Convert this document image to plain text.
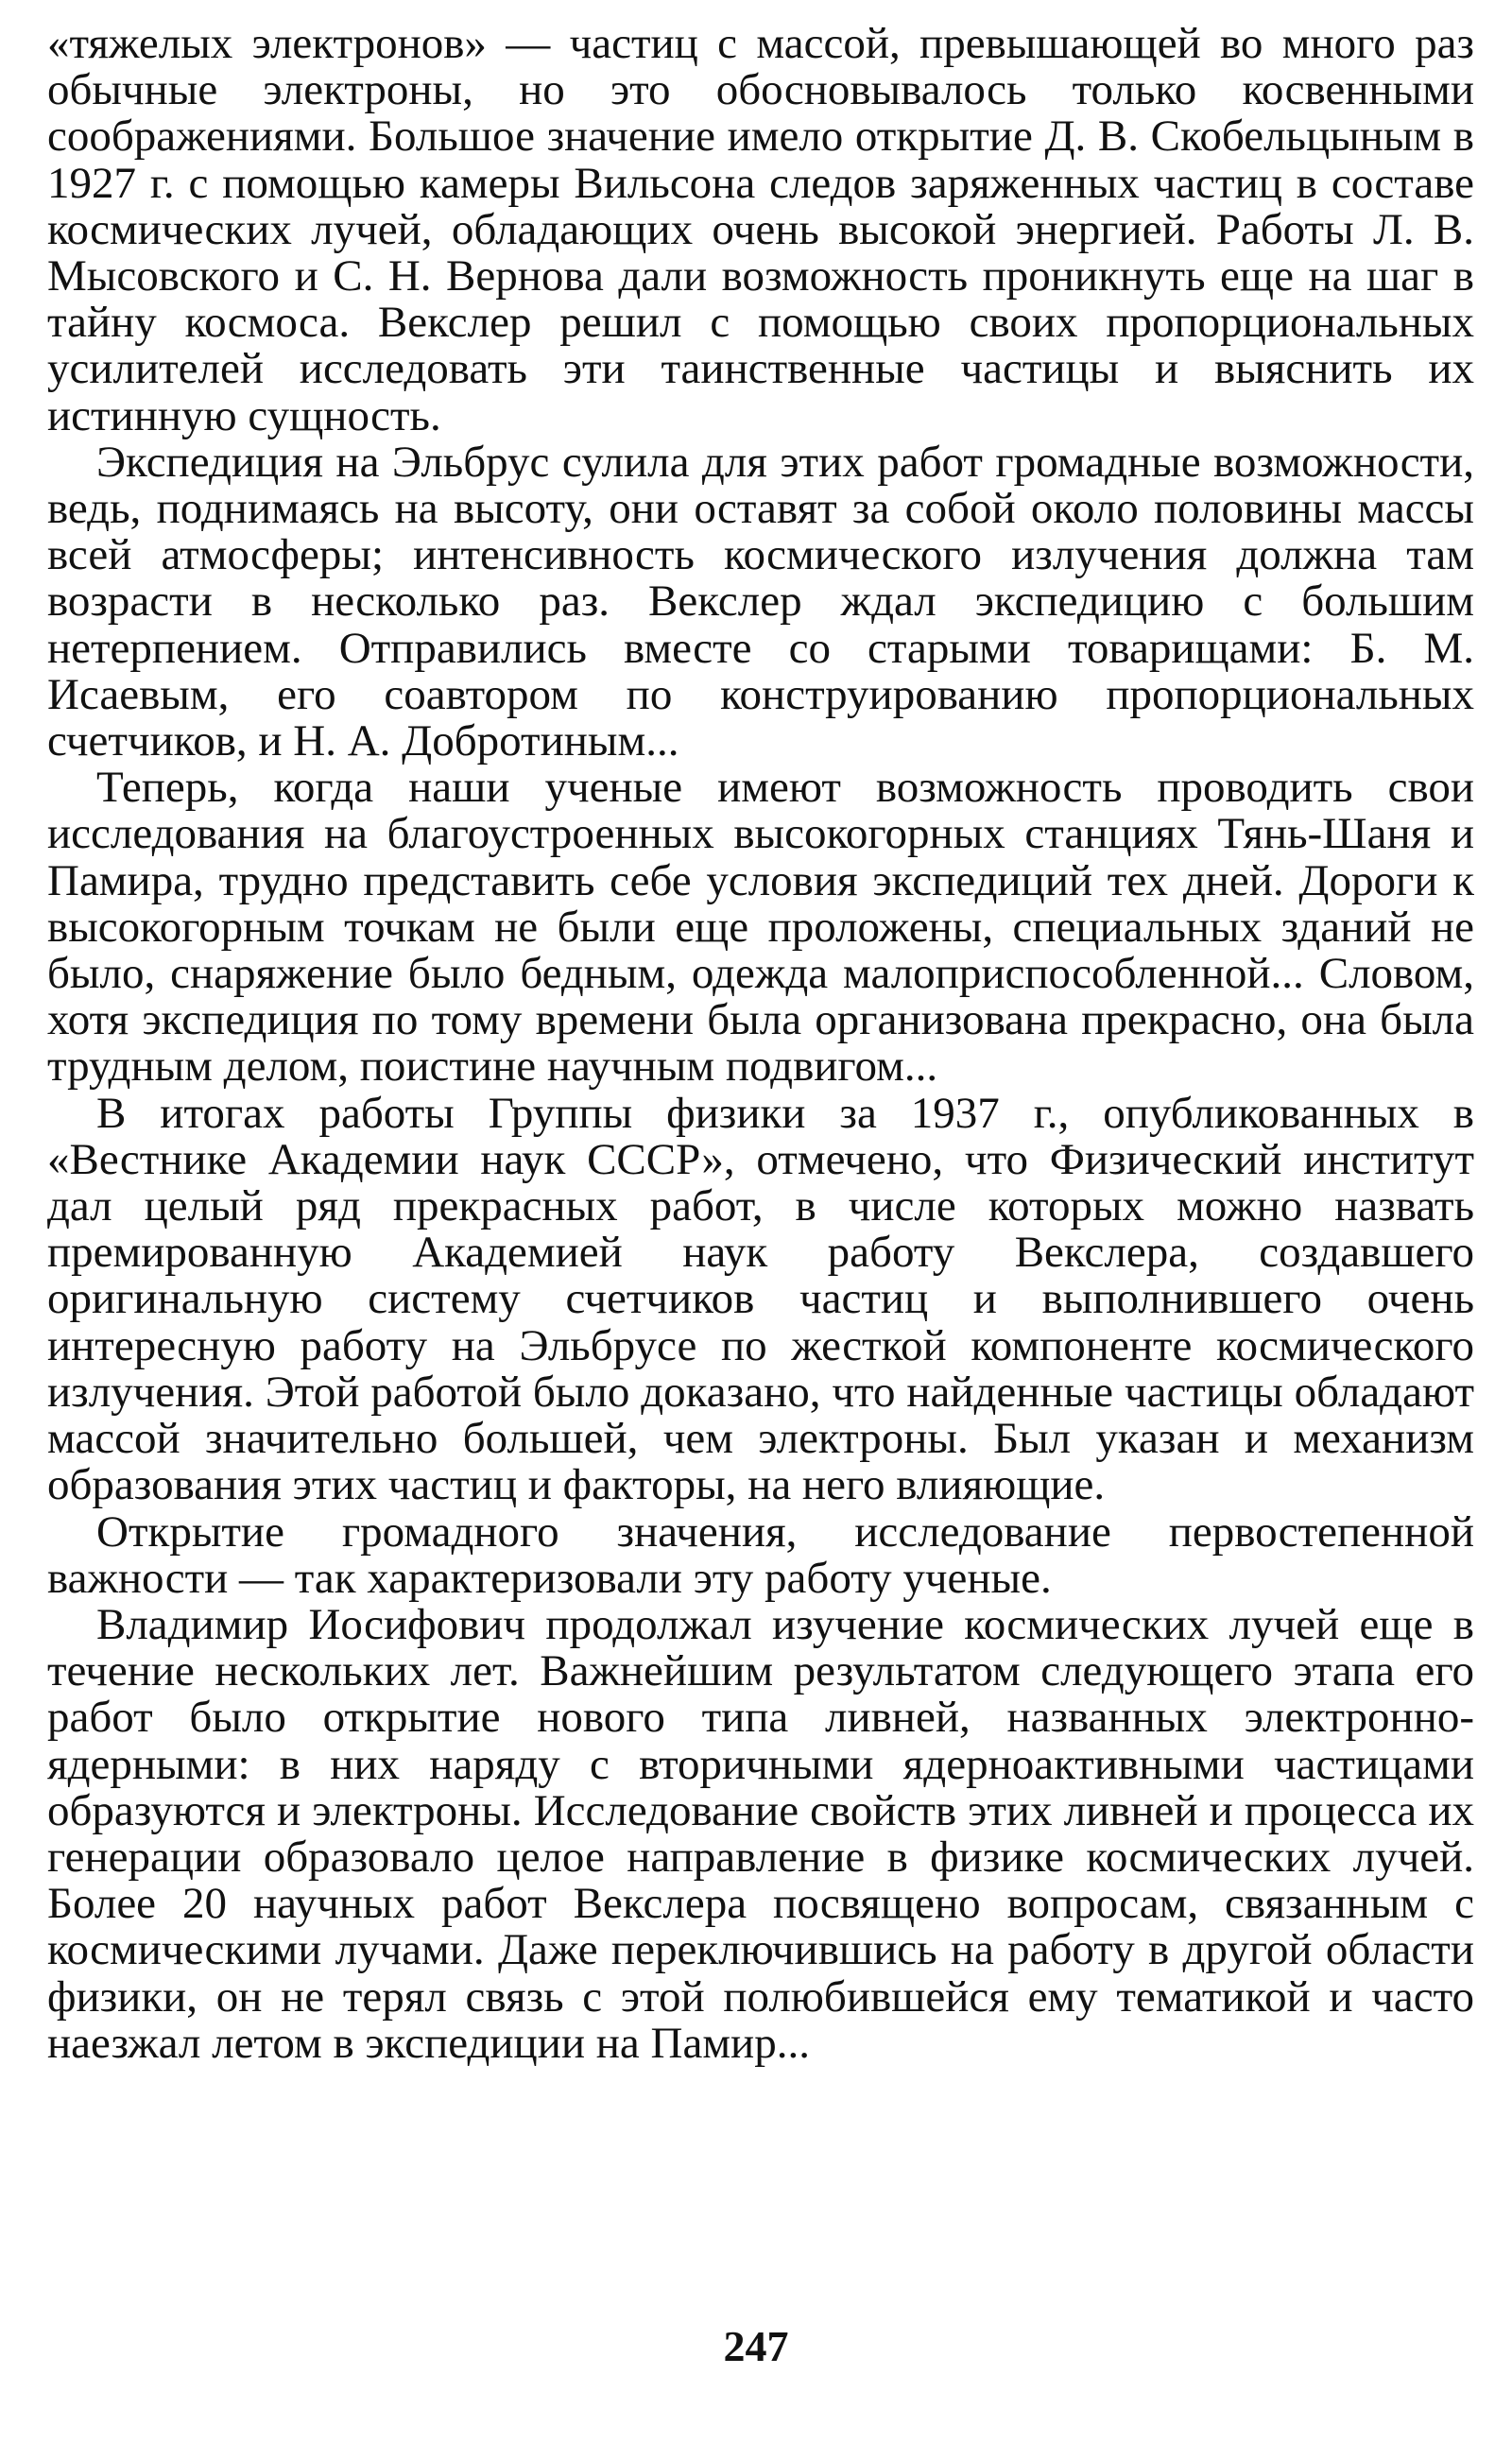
«тяжелых электронов» — частиц с массой, превышающей во много раз обычные электроны, но это обосновывалось только косвенными соображениями. Большое значение имело открытие Д. В. Скобельцыным в 1927 г. с помощью камеры Вильсона следов заряженных частиц в составе космических лучей, обладающих очень высокой энергией. Работы Л. В. Мысовского и С. Н. Вернова дали возможность проникнуть еще на шаг в тайну космоса. Векслер решил с помощью своих пропорциональных усилителей исследовать эти таинственные частицы и выяснить их истинную сущность.

Экспедиция на Эльбрус сулила для этих работ громадные возможности, ведь, поднимаясь на высоту, они оставят за собой около половины массы всей атмосферы; интенсивность космического излучения должна там возрасти в несколько раз. Векслер ждал экспедицию с большим нетерпением. Отправились вместе со старыми товарищами: Б. М. Исаевым, его соавтором по конструированию пропорциональных счетчиков, и Н. А. Добротиным...

Теперь, когда наши ученые имеют возможность проводить свои исследования на благоустроенных высокогорных станциях Тянь-Шаня и Памира, трудно представить себе условия экспедиций тех дней. Дороги к высокогорным точкам не были еще проложены, специальных зданий не было, снаряжение было бедным, одежда малоприспособленной... Словом, хотя экспедиция по тому времени была организована прекрасно, она была трудным делом, поистине научным подвигом...

В итогах работы Группы физики за 1937 г., опубликованных в «Вестнике Академии наук СССР», отмечено, что Физический институт дал целый ряд прекрасных работ, в числе которых можно назвать премированную Академией наук работу Векслера, создавшего оригинальную систему счетчиков частиц и выполнившего очень интересную работу на Эльбрусе по жесткой компоненте космического излучения. Этой работой было доказано, что найденные частицы обладают массой значительно большей, чем электроны. Был указан и механизм образования этих частиц и факторы, на него влияющие.

Открытие громадного значения, исследование первостепенной важности — так характеризовали эту работу ученые.

Владимир Иосифович продолжал изучение космических лучей еще в течение нескольких лет. Важнейшим результатом следующего этапа его работ было открытие нового типа ливней, названных электронно-ядерными: в них наряду с вторичными ядерноактивными частицами образуются и электроны. Исследование свойств этих ливней и процесса их генерации образовало целое направление в физике космических лучей. Более 20 научных работ Векслера посвящено вопросам, связанным с космическими лучами. Даже переключившись на работу в другой области физики, он не терял связь с этой полюбившейся ему тематикой и часто наезжал летом в экспедиции на Памир...

247
